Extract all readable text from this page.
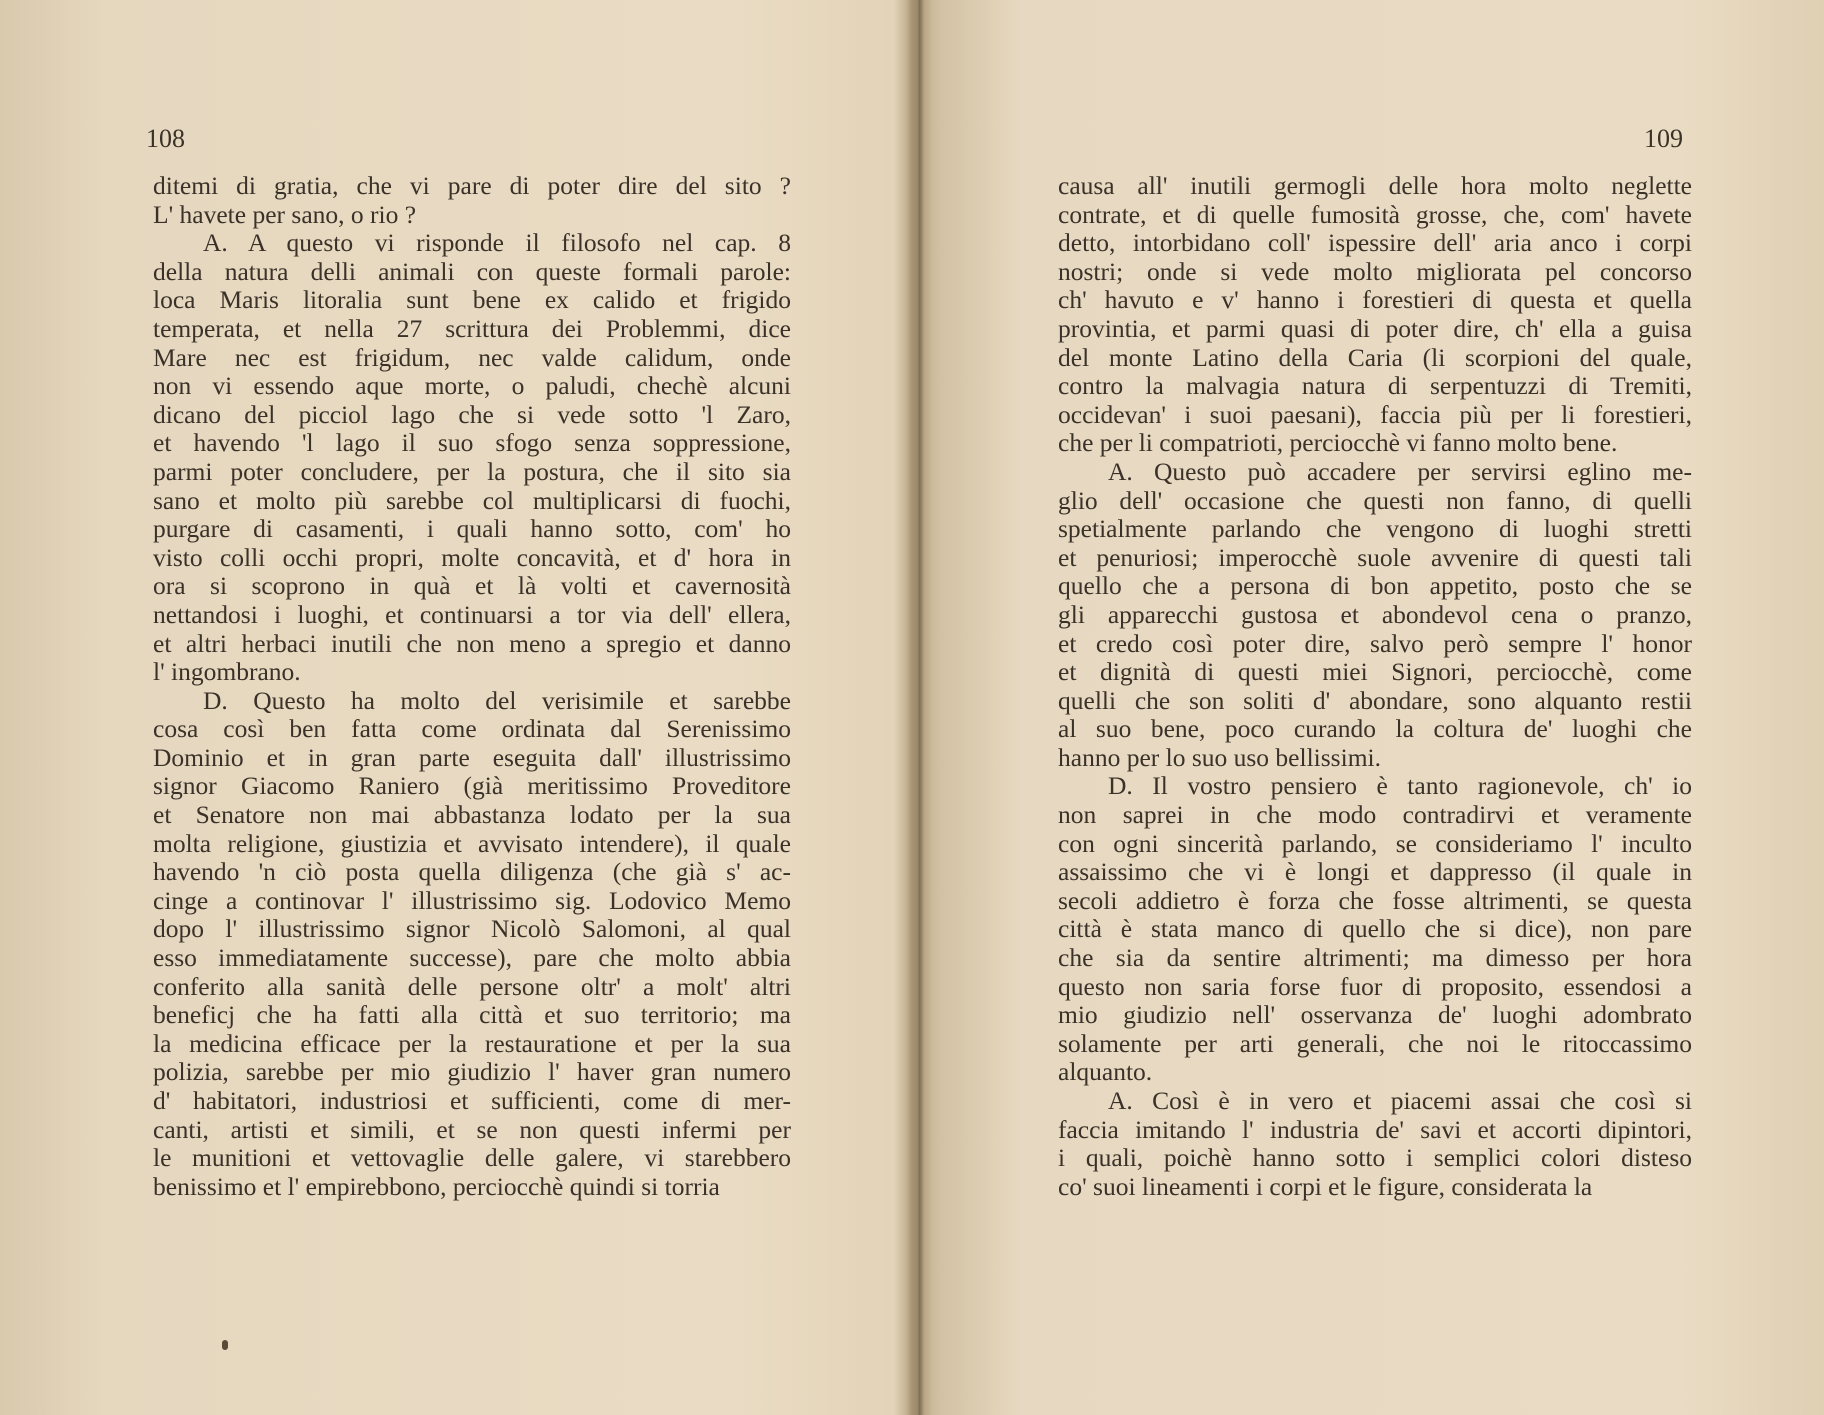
108
ditemi di gratia, che vi pare di poter dire del sito ?
L' havete per sano, o rio ?
A. A questo vi risponde il filosofo nel cap. 8
della natura delli animali con queste formali parole:
loca Maris litoralia sunt bene ex calido et frigido
temperata, et nella 27 scrittura dei Problemmi, dice
Mare nec est frigidum, nec valde calidum, onde
non vi essendo aque morte, o paludi, chechè alcuni
dicano del picciol lago che si vede sotto 'l Zaro,
et havendo 'l lago il suo sfogo senza soppressione,
parmi poter concludere, per la postura, che il sito sia
sano et molto più sarebbe col multiplicarsi di fuochi,
purgare di casamenti, i quali hanno sotto, com' ho
visto colli occhi propri, molte concavità, et d' hora in
ora si scoprono in quà et là volti et cavernosità
nettandosi i luoghi, et continuarsi a tor via dell' ellera,
et altri herbaci inutili che non meno a spregio et danno
l' ingombrano.
D. Questo ha molto del verisimile et sarebbe
cosa così ben fatta come ordinata dal Serenissimo
Dominio et in gran parte eseguita dall' illustrissimo
signor Giacomo Raniero (già meritissimo Proveditore
et Senatore non mai abbastanza lodato per la sua
molta religione, giustizia et avvisato intendere), il quale
havendo 'n ciò posta quella diligenza (che già s' ac-
cinge a continovar l' illustrissimo sig. Lodovico Memo
dopo l' illustrissimo signor Nicolò Salomoni, al qual
esso immediatamente successe), pare che molto abbia
conferito alla sanità delle persone oltr' a molt' altri
beneficj che ha fatti alla città et suo territorio; ma
la medicina efficace per la restauratione et per la sua
polizia, sarebbe per mio giudizio l' haver gran numero
d' habitatori, industriosi et sufficienti, come di mer-
canti, artisti et simili, et se non questi infermi per
le munitioni et vettovaglie delle galere, vi starebbero
benissimo et l' empirebbono, perciocchè quindi si torria
109
causa all' inutili germogli delle hora molto neglette
contrate, et di quelle fumosità grosse, che, com' havete
detto, intorbidano coll' ispessire dell' aria anco i corpi
nostri; onde si vede molto migliorata pel concorso
ch' havuto e v' hanno i forestieri di questa et quella
provintia, et parmi quasi di poter dire, ch' ella a guisa
del monte Latino della Caria (li scorpioni del quale,
contro la malvagia natura di serpentuzzi di Tremiti,
occidevan' i suoi paesani), faccia più per li forestieri,
che per li compatrioti, perciocchè vi fanno molto bene.
A. Questo può accadere per servirsi eglino me-
glio dell' occasione che questi non fanno, di quelli
spetialmente parlando che vengono di luoghi stretti
et penuriosi; imperocchè suole avvenire di questi tali
quello che a persona di bon appetito, posto che se
gli apparecchi gustosa et abondevol cena o pranzo,
et credo così poter dire, salvo però sempre l' honor
et dignità di questi miei Signori, perciocchè, come
quelli che son soliti d' abondare, sono alquanto restii
al suo bene, poco curando la coltura de' luoghi che
hanno per lo suo uso bellissimi.
D. Il vostro pensiero è tanto ragionevole, ch' io
non saprei in che modo contradirvi et veramente
con ogni sincerità parlando, se consideriamo l' inculto
assaissimo che vi è longi et dappresso (il quale in
secoli addietro è forza che fosse altrimenti, se questa
città è stata manco di quello che si dice), non pare
che sia da sentire altrimenti; ma dimesso per hora
questo non saria forse fuor di proposito, essendosi a
mio giudizio nell' osservanza de' luoghi adombrato
solamente per arti generali, che noi le ritoccassimo
alquanto.
A. Così è in vero et piacemi assai che così si
faccia imitando l' industria de' savi et accorti dipintori,
i quali, poichè hanno sotto i semplici colori disteso
co' suoi lineamenti i corpi et le figure, considerata la
